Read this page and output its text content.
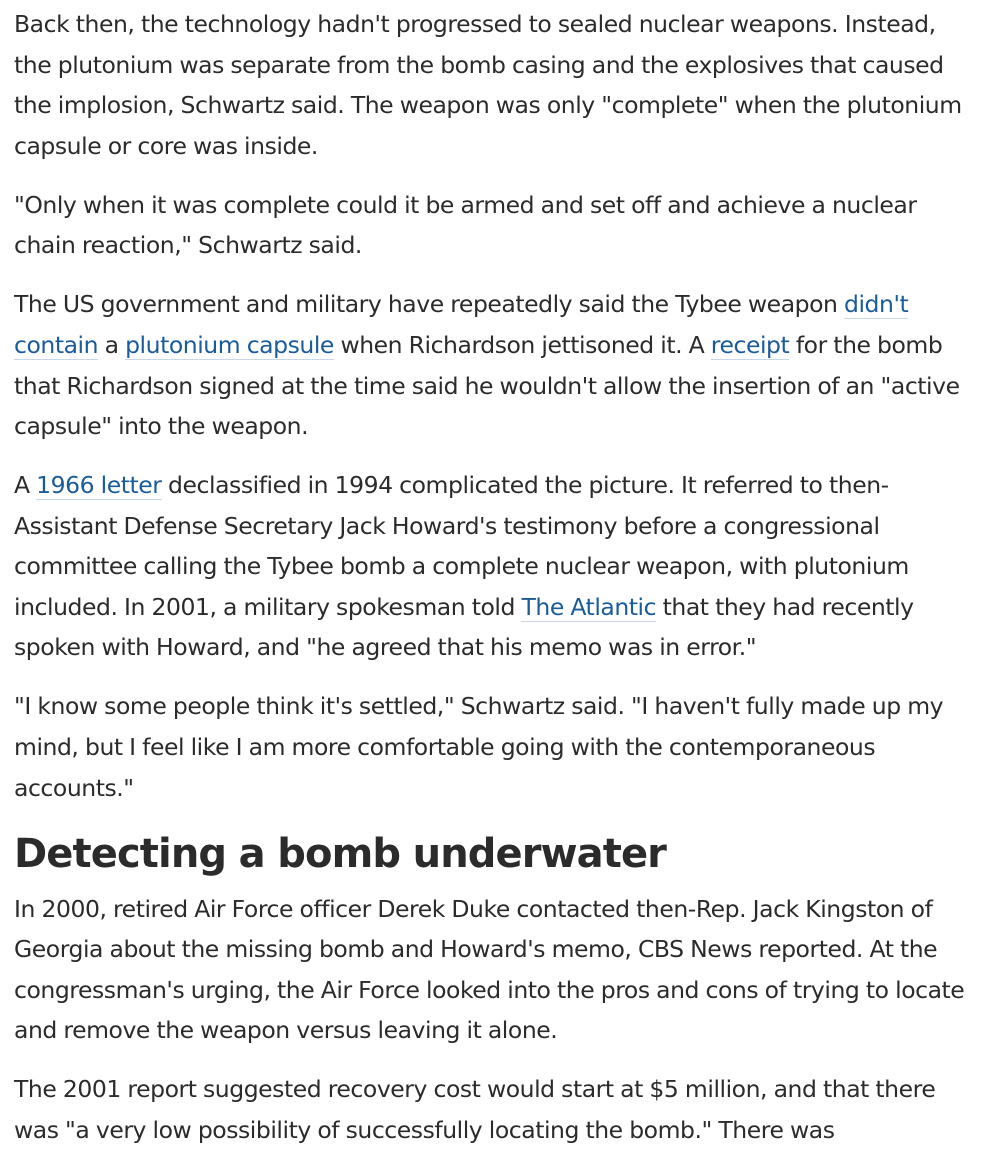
Back then, the technology hadn't progressed to sealed nuclear weapons. Instead, the plutonium was separate from the bomb casing and the explosives that caused the implosion, Schwartz said. The weapon was only "complete" when the plutonium capsule or core was inside.

"Only when it was complete could it be armed and set off and achieve a nuclear chain reaction," Schwartz said.

The US government and military have repeatedly said the Tybee weapon didn't contain a plutonium capsule when Richardson jettisoned it. A receipt for the bomb that Richardson signed at the time said he wouldn't allow the insertion of an "active capsule" into the weapon.

A 1966 letter declassified in 1994 complicated the picture. It referred to then-Assistant Defense Secretary Jack Howard's testimony before a congressional committee calling the Tybee bomb a complete nuclear weapon, with plutonium included. In 2001, a military spokesman told The Atlantic that they had recently spoken with Howard, and "he agreed that his memo was in error."

"I know some people think it's settled," Schwartz said. "I haven't fully made up my mind, but I feel like I am more comfortable going with the contemporaneous accounts."

Detecting a bomb underwater

In 2000, retired Air Force officer Derek Duke contacted then-Rep. Jack Kingston of Georgia about the missing bomb and Howard's memo, CBS News reported. At the congressman's urging, the Air Force looked into the pros and cons of trying to locate and remove the weapon versus leaving it alone.

The 2001 report suggested recovery cost would start at $5 million, and that there was "a very low possibility of successfully locating the bomb." There was
